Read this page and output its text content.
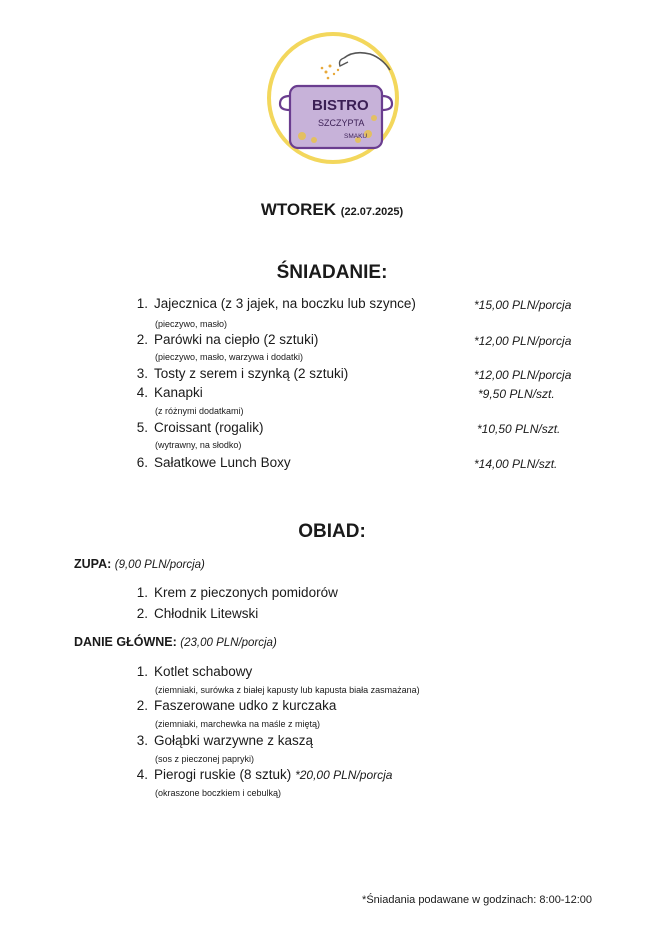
BISTRO
SZCZYPTA
SMAKU
WTOREK (22.07.2025)
ŚNIADANIE:
1. Jajecznica (z 3 jajek, na boczku lub szynce)
(pieczywo, masło)
*15,00 PLN/porcja
2. Parówki na ciepło (2 sztuki)
(pieczywo, masło, warzywa i dodatki)
*12,00 PLN/porcja
3. Tosty z serem i szynką (2 sztuki)	*12,00 PLN/porcja
4. Kanapki
(z różnymi dodatkami)
*9,50 PLN/szt.
5. Croissant (rogalik)
(wytrawny, na słodko)
*10,50 PLN/szt.
6. Sałatkowe Lunch Boxy	*14,00 PLN/szt.
OBIAD:
ZUPA: (9,00 PLN/porcja)
1. Krem z pieczonych pomidorów
2. Chłodnik Litewski
DANIE GŁÓWNE: (23,00 PLN/porcja)
1. Kotlet schabowy
(ziemniaki, surówka z białej kapusty lub kapusta biała zasmażana)
2. Faszerowane udko z kurczaka
(ziemniaki, marchewka na maśle z miętą)
3. Gołąbki warzywne z kaszą
(sos z pieczonej papryki)
4. Pierogi ruskie (8 sztuk) *20,00 PLN/porcja
(okraszone boczkiem i cebulką)
*Śniadania podawane w godzinach: 8:00-12:00
